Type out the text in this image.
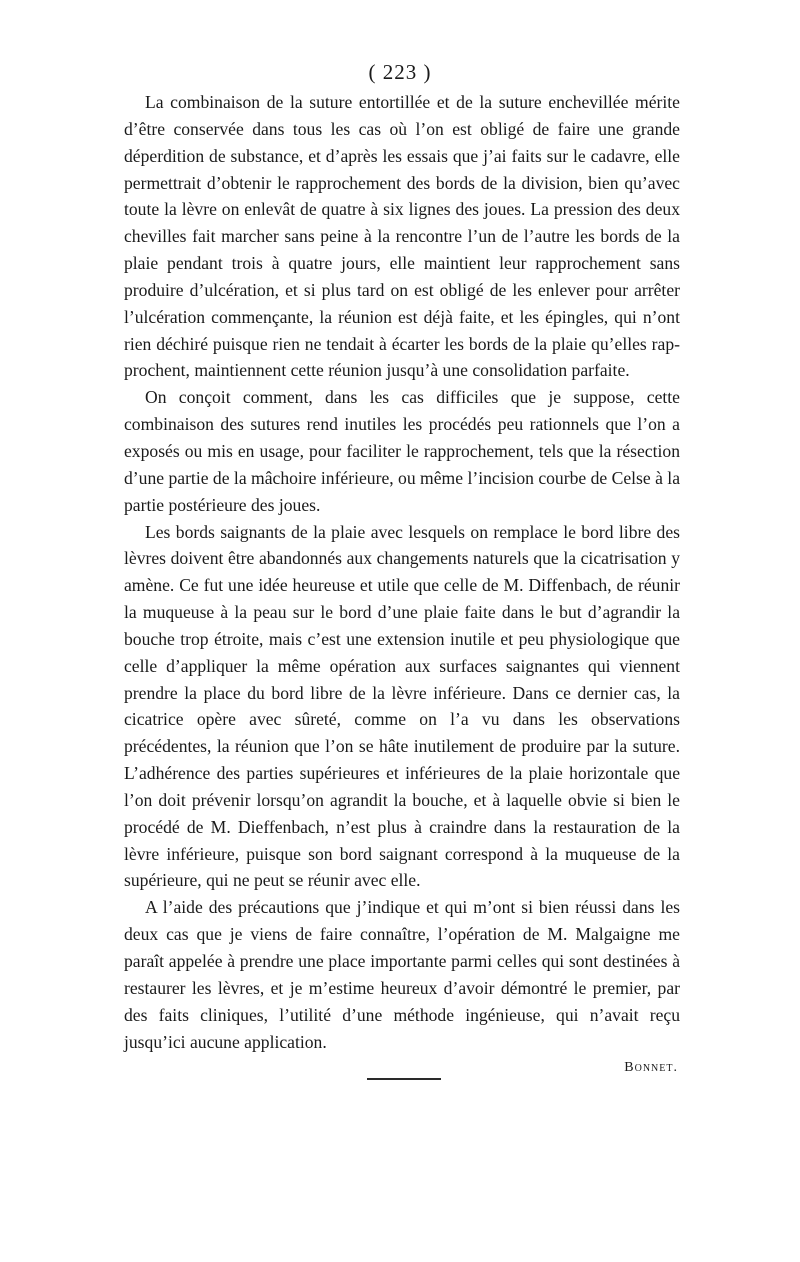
( 223 )

La combinaison de la suture entortillée et de la suture enchevillée mérite d’être conservée dans tous les cas où l’on est obligé de faire une grande déperdition de substance, et d’après les essais que j’ai faits sur le cadavre, elle permettrait d’obtenir le rapprochement des bords de la division, bien qu’avec toute la lèvre on enlevât de quatre à six lignes des joues. La pression des deux chevilles fait marcher sans peine à la rencontre l’un de l’autre les bords de la plaie pendant trois à quatre jours, elle maintient leur rapprochement sans produire d’ulcération, et si plus tard on est obligé de les enlever pour arrêter l’ulcération commençante, la réunion est déjà faite, et les épingles, qui n’ont rien déchiré puisque rien ne tendait à écarter les bords de la plaie qu’elles rapprochent, maintiennent cette réunion jusqu’à une consolidation parfaite.

On conçoit comment, dans les cas difficiles que je suppose, cette combinaison des sutures rend inutiles les procédés peu rationnels que l’on a exposés ou mis en usage, pour faciliter le rapprochement, tels que la résection d’une partie de la mâchoire inférieure, ou même l’incision courbe de Celse à la partie postérieure des joues.

Les bords saignants de la plaie avec lesquels on remplace le bord libre des lèvres doivent être abandonnés aux changements naturels que la cicatrisation y amène. Ce fut une idée heureuse et utile que celle de M. Diffenbach, de réunir la muqueuse à la peau sur le bord d’une plaie faite dans le but d’agrandir la bouche trop étroite, mais c’est une extension inutile et peu physiologique que celle d’appliquer la même opération aux surfaces saignantes qui viennent prendre la place du bord libre de la lèvre inférieure. Dans ce dernier cas, la cicatrice opère avec sûreté, comme on l’a vu dans les observations précédentes, la réunion que l’on se hâte inutilement de produire par la suture. L’adhérence des parties supérieures et inférieures de la plaie horizontale que l’on doit prévenir lorsqu’on agrandit la bouche, et à laquelle obvie si bien le procédé de M. Dieffenbach, n’est plus à craindre dans la restauration de la lèvre inférieure, puisque son bord saignant correspond à la muqueuse de la supérieure, qui ne peut se réunir avec elle.

A l’aide des précautions que j’indique et qui m’ont si bien réussi dans les deux cas que je viens de faire connaître, l’opération de M. Malgaigne me paraît appelée à prendre une place importante parmi celles qui sont destinées à restaurer les lèvres, et je m’estime heureux d’avoir démontré le premier, par des faits cliniques, l’utilité d’une méthode ingénieuse, qui n’avait reçu jusqu’ici aucune application.

Bonnet.
